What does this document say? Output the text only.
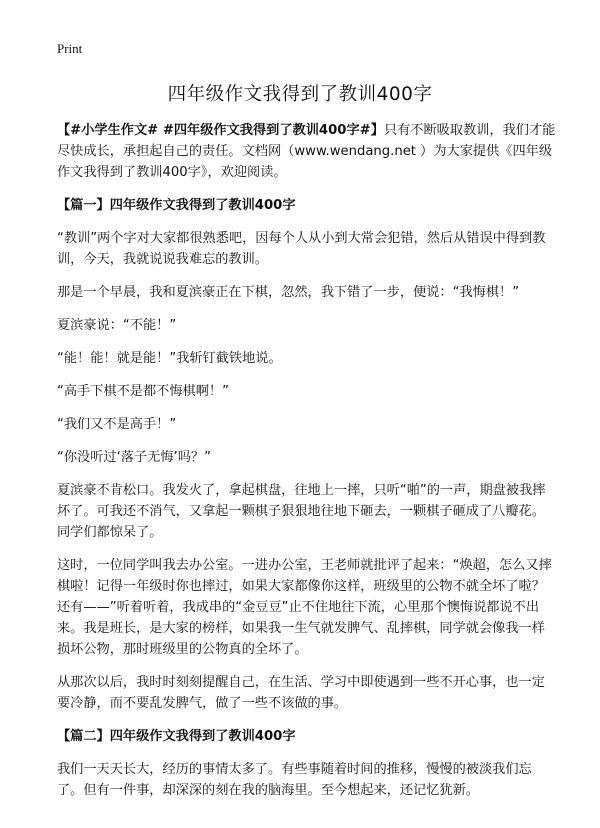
Print
四年级作文我得到了教训400字

【#小学生作文# #四年级作文我得到了教训400字#】只有不断吸取教训，我们才能尽快成长，承担起自己的责任。文档网（www.wendang.net ）为大家提供《四年级作文我得到了教训400字》，欢迎阅读。

【篇一】四年级作文我得到了教训400字

“教训”两个字对大家都很熟悉吧，因每个人从小到大常会犯错，然后从错误中得到教训，今天，我就说说我难忘的教训。

那是一个早晨，我和夏滨豪正在下棋，忽然，我下错了一步，便说：“我悔棋！”

夏滨豪说：“不能！”

“能！能！就是能！”我斩钉截铁地说。

“高手下棋不是都不悔棋啊！”

“我们又不是高手！”

“你没听过‘落子无悔’吗？”

夏滨豪不肯松口。我发火了，拿起棋盘，往地上一摔，只听“啪”的一声，期盘被我摔坏了。可我还不消气，又拿起一颗棋子狠狠地往地下砸去，一颗棋子砸成了八瓣花。同学们都惊呆了。

这时，一位同学叫我去办公室。一进办公室，王老师就批评了起来：“焕超，怎么又摔棋啦！记得一年级时你也摔过，如果大家都像你这样，班级里的公物不就全坏了啦？还有——”听着听着，我成串的“金豆豆”止不住地往下流，心里那个懊悔说都说不出来。我是班长，是大家的榜样，如果我一生气就发脾气、乱摔棋，同学就会像我一样损坏公物，那时班级里的公物真的全坏了。

从那次以后，我时时刻刻提醒自己，在生活、学习中即使遇到一些不开心事，也一定要冷静，而不要乱发脾气，做了一些不该做的事。

【篇二】四年级作文我得到了教训400字

我们一天天长大，经历的事情太多了。有些事随着时间的推移，慢慢的被淡我们忘了。但有一件事，却深深的刻在我的脑海里。至今想起来，还记忆犹新。
